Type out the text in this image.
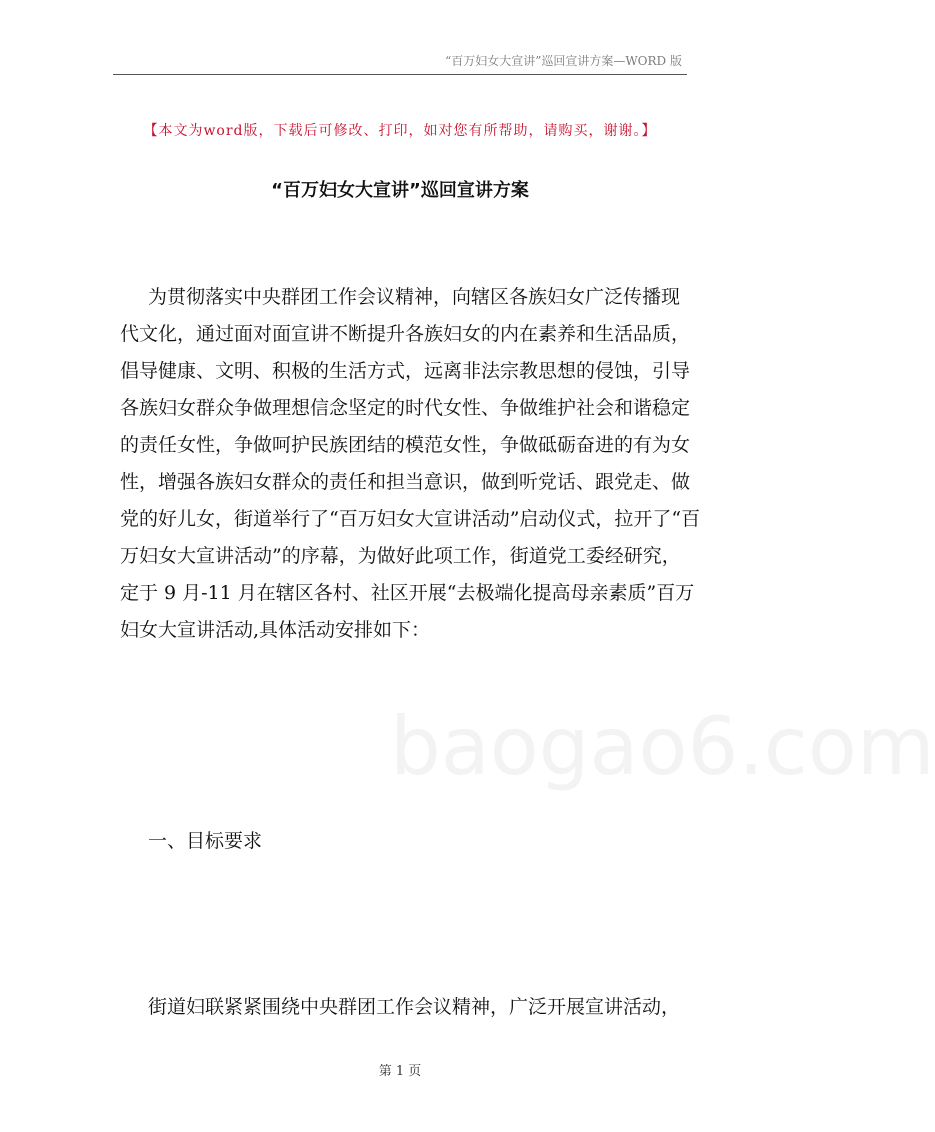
“百万妇女大宣讲”巡回宣讲方案—WORD 版
【本文为word版，下载后可修改、打印，如对您有所帮助，请购买，谢谢。】
“百万妇女大宣讲”巡回宣讲方案
baogao6.com
为贯彻落实中央群团工作会议精神，向辖区各族妇女广泛传播现
代文化，通过面对面宣讲不断提升各族妇女的内在素养和生活品质，
倡导健康、文明、积极的生活方式，远离非法宗教思想的侵蚀，引导
各族妇女群众争做理想信念坚定的时代女性、争做维护社会和谐稳定
的责任女性，争做呵护民族团结的模范女性，争做砥砺奋进的有为女
性，增强各族妇女群众的责任和担当意识，做到听党话、跟党走、做
党的好儿女，街道举行了“百万妇女大宣讲活动”启动仪式，拉开了“百
万妇女大宣讲活动”的序幕，为做好此项工作，街道党工委经研究，
定于 9 月-11 月在辖区各村、社区开展“去极端化提高母亲素质”百万
妇女大宣讲活动,具体活动安排如下：
一、目标要求
街道妇联紧紧围绕中央群团工作会议精神，广泛开展宣讲活动，
第 1 页
